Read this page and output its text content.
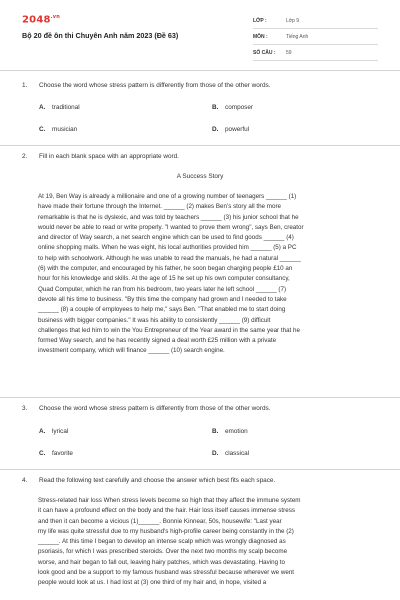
$2048^{.vn}$
Bộ 20 đề ôn thi Chuyên Anh năm 2023 (Đề 63)
LỚP :	Lớp 9
MÔN :	Tiếng Anh
SỐ CÂU :	59
1. Choose the word whose stress pattern is differently from those of the other words.
A. traditional	B. composer
C. musician	D. powerful
2. Fill in each blank space with an appropriate word.
A Success Story
At 19, Ben Way is already a millionaire and one of a growing number of teenagers ______ (1)
have made their fortune through the Internet. ______ (2) makes Ben's story all the more
remarkable is that he is dyslexic, and was told by teachers ______ (3) his junior school that he
would never be able to read or write properly. "I wanted to prove them wrong", says Ben, creator
and director of Way search, a net search engine which can be used to find goods ______ (4)
online shopping malls. When he was eight, his local authorities provided him ______ (5) a PC
to help with schoolwork. Although he was unable to read the manuals, he had a natural ______
(6) with the computer, and encouraged by his father, he soon began charging people £10 an
hour for his knowledge and skills. At the age of 15 he set up his own computer consultancy,
Quad Computer, which he ran from his bedroom, two years later he left school ______ (7)
devote all his time to business. "By this time the company had grown and I needed to take
______ (8) a couple of employees to help me," says Ben. "That enabled me to start doing
business with bigger companies." It was his ability to consistently ______ (9) difficult
challenges that led him to win the You Entrepreneur of the Year award in the same year that he
formed Way search, and he has recently signed a deal worth £25 million with a private
investment company, which will finance ______ (10) search engine.
3. Choose the word whose stress pattern is differently from those of the other words.
A. lyrical	B. emotion
C. favorite	D. classical
4. Read the following text carefully and choose the answer which best fits each space.
Stress-related hair loss When stress levels become so high that they affect the immune system
it can have a profound effect on the body and the hair. Hair loss itself causes immense stress
and then it can become a vicious (1)______. Bonnie Kinnear, 50s, housewife: "Last year
my life was quite stressful due to my husband's high-profile career being constantly in the (2)
______. At this time I began to develop an intense scalp which was wrongly diagnosed as
psoriasis, for which I was prescribed steroids. Over the next two months my scalp become
worse, and hair began to fall out, leaving hairy patches, which was devastating. Having to
look good and be a support to my famous husband was stressful because wherever we went
people would look at us. I had lost at (3) one third of my hair and, in hope, visited a
